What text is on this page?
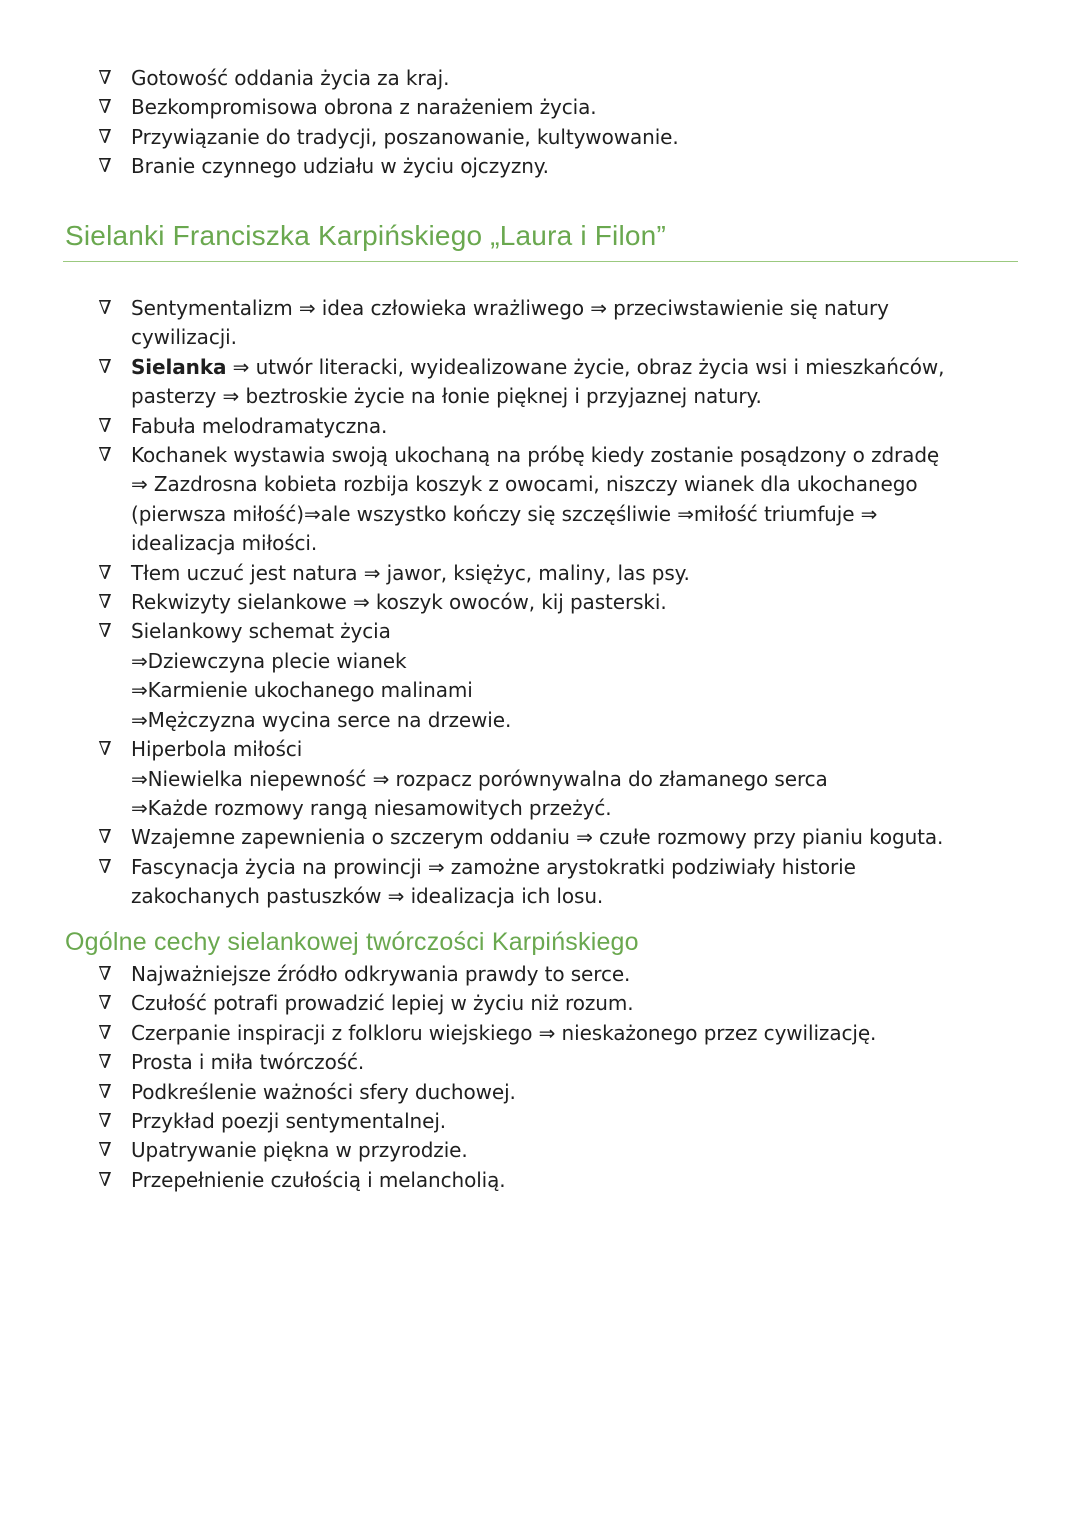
∇ Gotowość oddania życia za kraj.
∇ Bezkompromisowa obrona z narażeniem życia.
∇ Przywiązanie do tradycji, poszanowanie, kultywowanie.
∇ Branie czynnego udziału w życiu ojczyzny.
Sielanki Franciszka Karpińskiego „Laura i Filon”
∇ Sentymentalizm ⇒ idea człowieka wrażliwego ⇒ przeciwstawienie się natury
cywilizacji.
∇ Sielanka ⇒ utwór literacki, wyidealizowane życie, obraz życia wsi i mieszkańców,
pasterzy ⇒ beztroskie życie na łonie pięknej i przyjaznej natury.
∇ Fabuła melodramatyczna.
∇ Kochanek wystawia swoją ukochaną na próbę kiedy zostanie posądzony o zdradę
⇒ Zazdrosna kobieta rozbija koszyk z owocami, niszczy wianek dla ukochanego
(pierwsza miłość)⇒ale wszystko kończy się szczęśliwie ⇒miłość triumfuje ⇒
idealizacja miłości.
∇ Tłem uczuć jest natura ⇒ jawor, księżyc, maliny, las psy.
∇ Rekwizyty sielankowe ⇒ koszyk owoców, kij pasterski.
∇ Sielankowy schemat życia
⇒Dziewczyna plecie wianek
⇒Karmienie ukochanego malinami
⇒Mężczyzna wycina serce na drzewie.
∇ Hiperbola miłości
⇒Niewielka niepewność ⇒ rozpacz porównywalna do złamanego serca
⇒Każde rozmowy rangą niesamowitych przeżyć.
∇ Wzajemne zapewnienia o szczerym oddaniu ⇒ czułe rozmowy przy pianiu koguta.
∇ Fascynacja życia na prowincji ⇒ zamożne arystokratki podziwiały historie
zakochanych pastuszków ⇒ idealizacja ich losu.
Ogólne cechy sielankowej twórczości Karpińskiego
∇ Najważniejsze źródło odkrywania prawdy to serce.
∇ Czułość potrafi prowadzić lepiej w życiu niż rozum.
∇ Czerpanie inspiracji z folkloru wiejskiego ⇒ nieskażonego przez cywilizację.
∇ Prosta i miła twórczość.
∇ Podkreślenie ważności sfery duchowej.
∇ Przykład poezji sentymentalnej.
∇ Upatrywanie piękna w przyrodzie.
∇ Przepełnienie czułością i melancholią.
